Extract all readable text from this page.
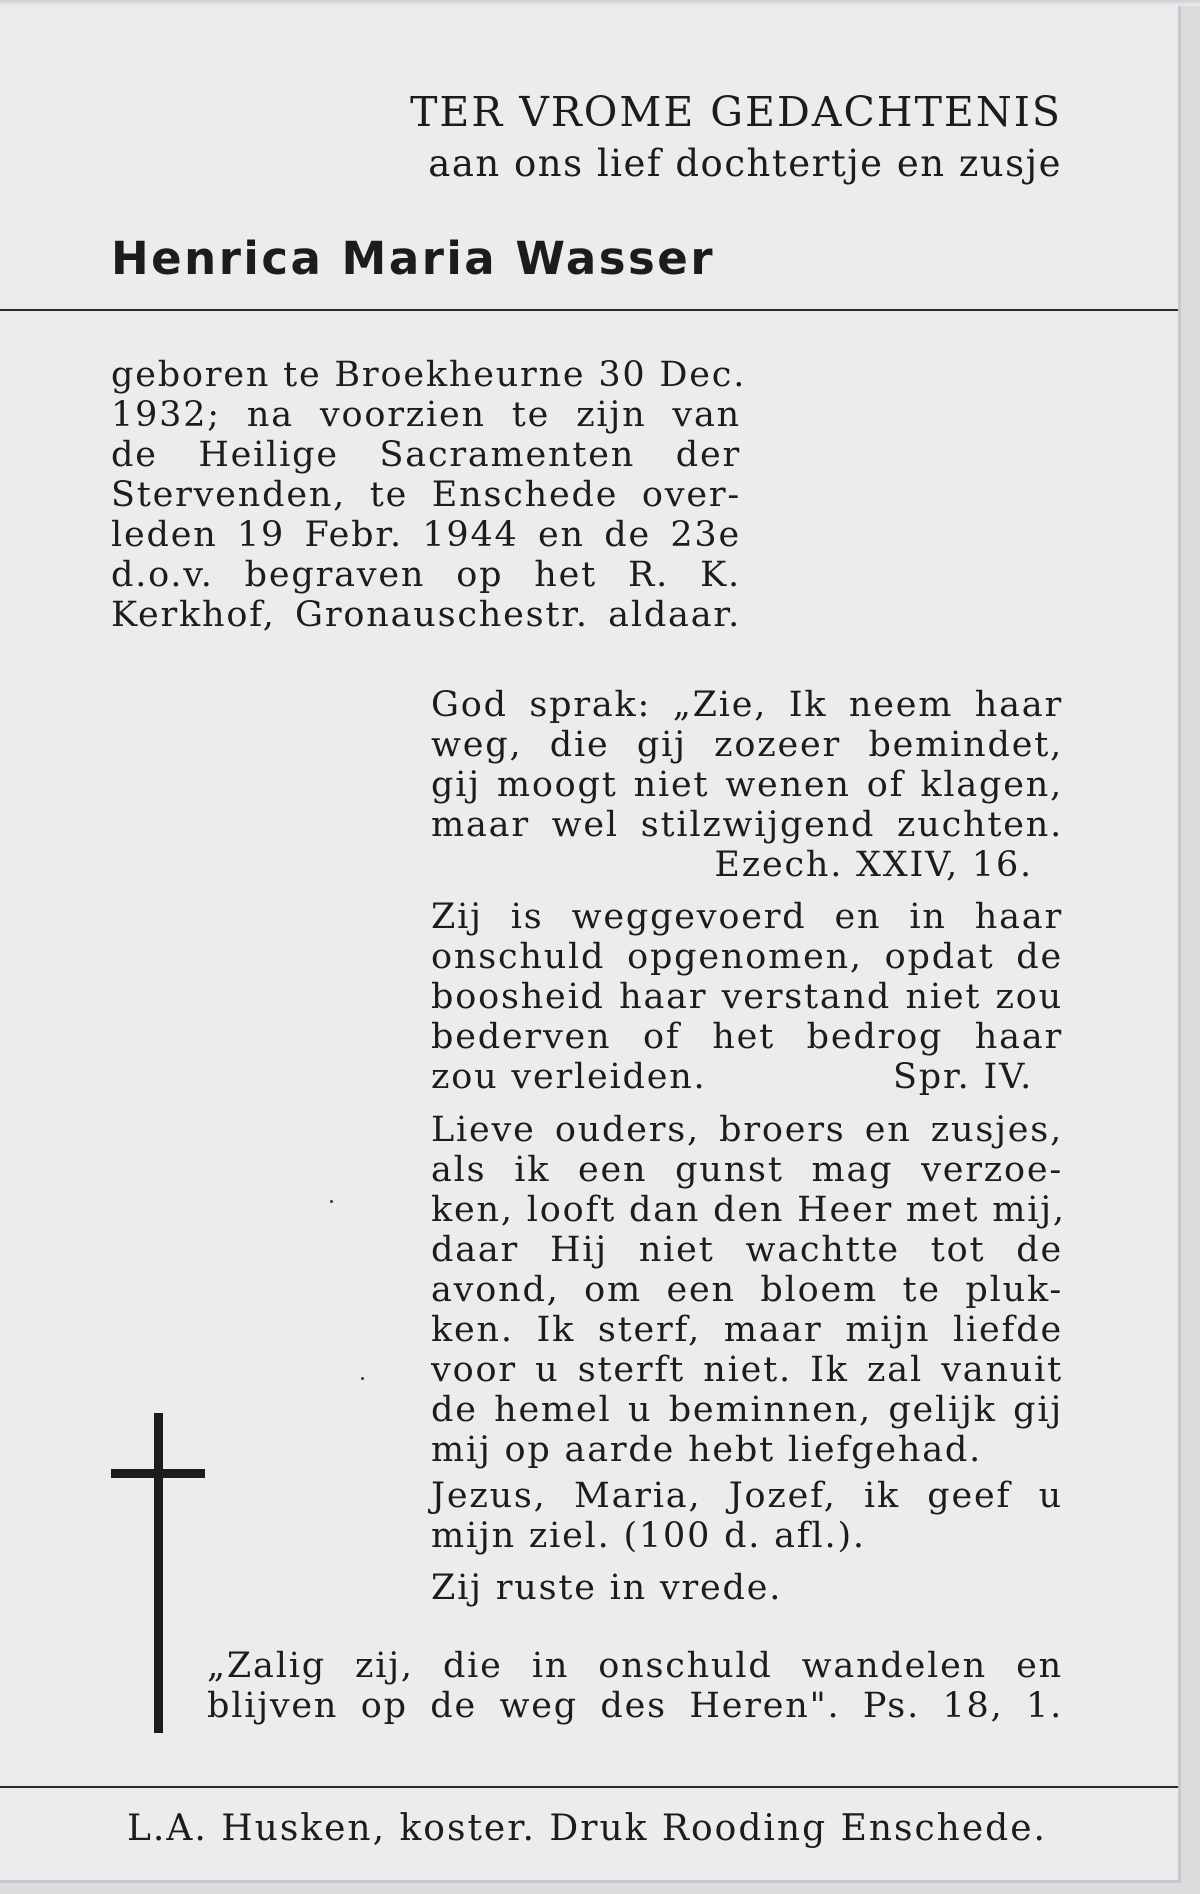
TER VROME GEDACHTENIS
aan ons lief dochtertje en zusje
Henrica Maria Wasser
geboren te Broekheurne 30 Dec.
1932; na voorzien te zijn van
de Heilige Sacramenten der
Stervenden, te Enschede over-
leden 19 Febr. 1944 en de 23e
d.o.v. begraven op het R. K.
Kerkhof, Gronauschestr. aldaar.
God sprak: „Zie, Ik neem haar
weg, die gij zozeer bemindet,
gij moogt niet wenen of klagen,
maar wel stilzwijgend zuchten.
Ezech. XXIV, 16.
Zij is weggevoerd en in haar
onschuld opgenomen, opdat de
boosheid haar verstand niet zou
bederven of het bedrog haar
zou verleiden.	Spr. IV.
Lieve ouders, broers en zusjes,
als ik een gunst mag verzoe-
ken, looft dan den Heer met mij,
daar Hij niet wachtte tot de
avond, om een bloem te pluk-
ken. Ik sterf, maar mijn liefde
voor u sterft niet. Ik zal vanuit
de hemel u beminnen, gelijk gij
mij op aarde hebt liefgehad.
Jezus, Maria, Jozef, ik geef u
mijn ziel. (100 d. afl.).
Zij ruste in vrede.
„Zalig zij, die in onschuld wandelen en
blijven op de weg des Heren". Ps. 18, 1.
L.A. Husken, koster. Druk Rooding Enschede.
